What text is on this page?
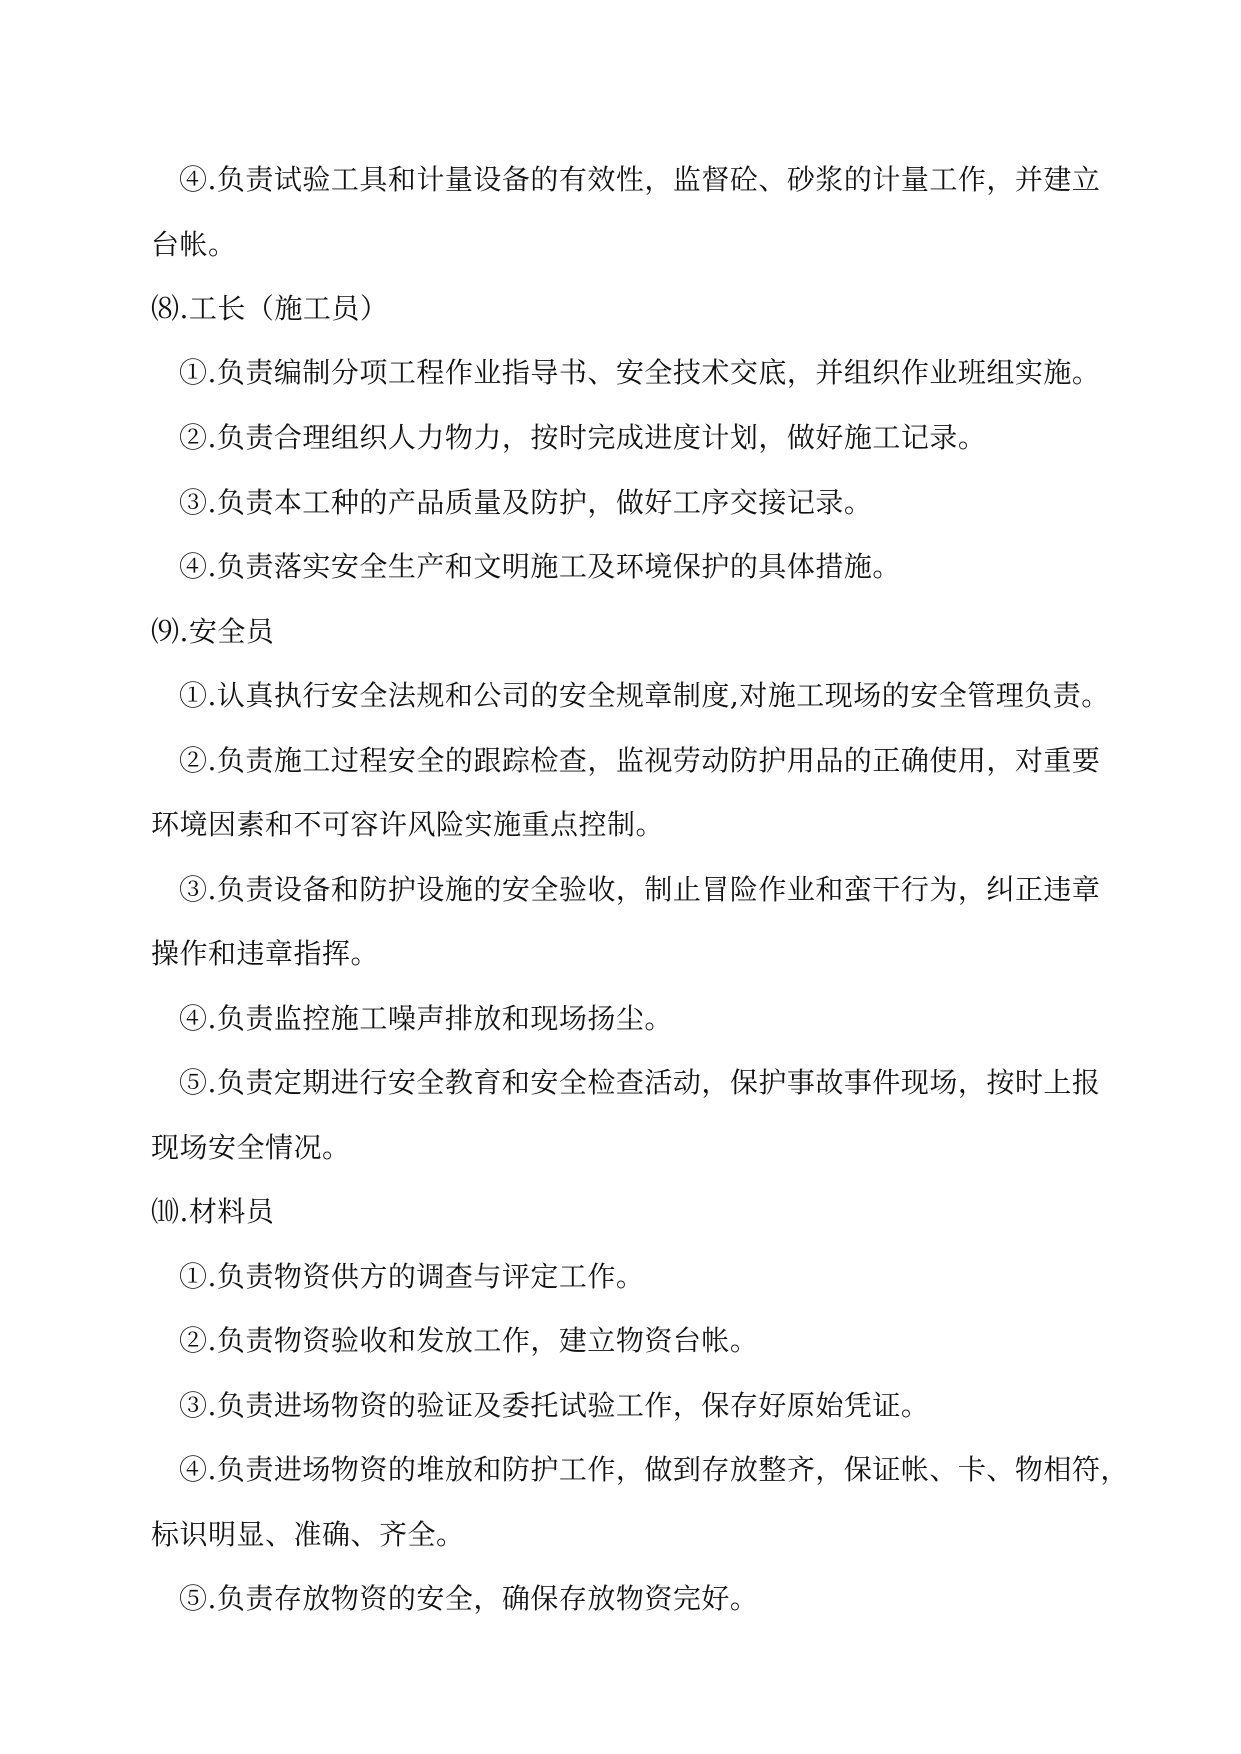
④.负责试验工具和计量设备的有效性，监督砼、砂浆的计量工作，并建立
台帐。
⑻.工长（施工员）
①.负责编制分项工程作业指导书、安全技术交底，并组织作业班组实施。
②.负责合理组织人力物力，按时完成进度计划，做好施工记录。
③.负责本工种的产品质量及防护，做好工序交接记录。
④.负责落实安全生产和文明施工及环境保护的具体措施。
⑼.安全员
①.认真执行安全法规和公司的安全规章制度,对施工现场的安全管理负责。
②.负责施工过程安全的跟踪检查，监视劳动防护用品的正确使用，对重要
环境因素和不可容许风险实施重点控制。
③.负责设备和防护设施的安全验收，制止冒险作业和蛮干行为，纠正违章
操作和违章指挥。
④.负责监控施工噪声排放和现场扬尘。
⑤.负责定期进行安全教育和安全检查活动，保护事故事件现场，按时上报
现场安全情况。
⑽.材料员
①.负责物资供方的调查与评定工作。
②.负责物资验收和发放工作，建立物资台帐。
③.负责进场物资的验证及委托试验工作，保存好原始凭证。
④.负责进场物资的堆放和防护工作，做到存放整齐，保证帐、卡、物相符，
标识明显、准确、齐全。
⑤.负责存放物资的安全，确保存放物资完好。
